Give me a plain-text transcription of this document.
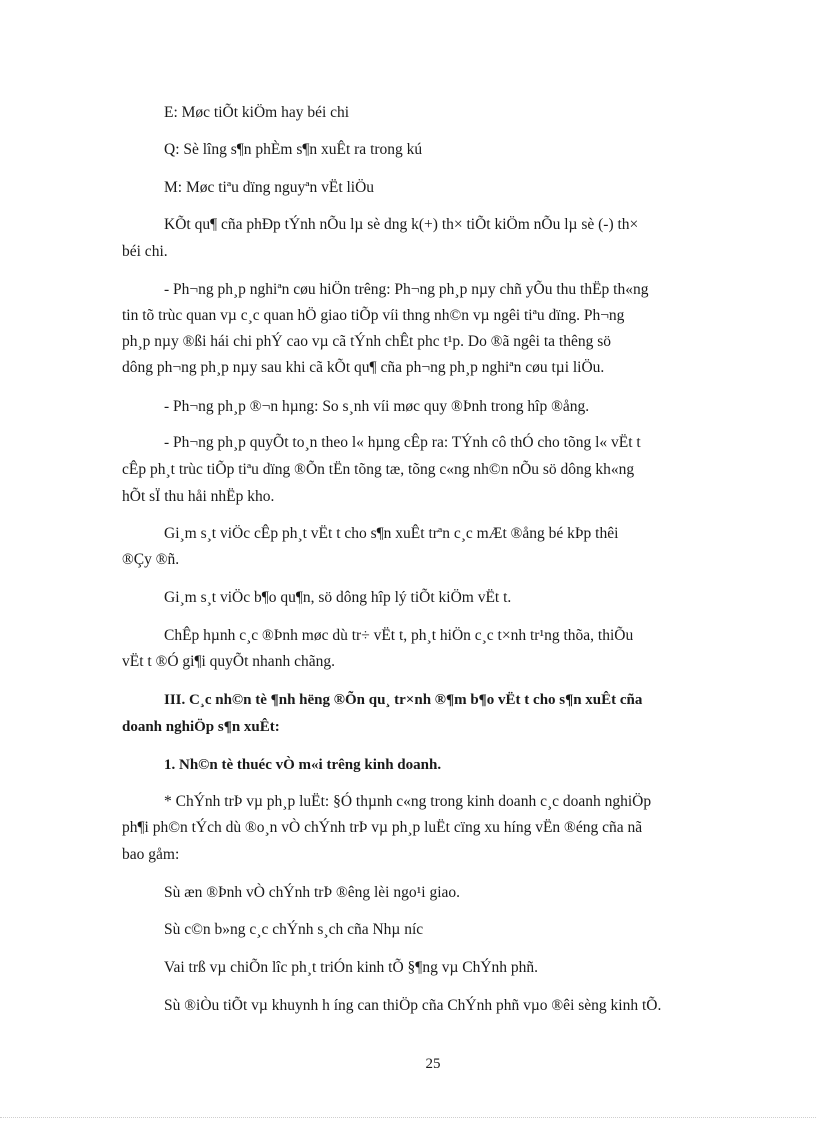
E: Møc tiÕt kiÖm hay béi chi

Q: Sè lîng s¶n phÈm s¶n xuÊt ra trong kú

M: Møc tiªu dïng nguyªn vËt liÖu

KÕt qu¶ cña phÐp tÝnh nÕu lµ sè dng k(+) th× tiÕt kiÖm nÕu lµ sè (-) th×

béi chi.

- Ph¬ng ph¸p nghiªn cøu hiÖn trêng: Ph¬ng ph¸p nµy chñ yÕu thu thËp th«ng

tin tõ trùc quan vµ c¸c quan hÖ giao tiÕp víi thng nh©n vµ ngêi tiªu dïng. Ph¬ng

ph¸p nµy ®ßi hái chi phÝ cao vµ cã tÝnh chÊt phc t¹p. Do ®ã ngêi ta thêng sö

dông ph¬ng ph¸p nµy sau khi cã kÕt qu¶ cña ph¬ng ph¸p nghiªn cøu tµi liÖu.

- Ph¬ng ph¸p ®¬n hµng: So s¸nh víi møc quy ®Þnh trong hîp ®ång.

- Ph¬ng ph¸p quyÕt to¸n theo l« hµng cÊp ra: TÝnh cô thÓ cho tõng l« vËt t

cÊp ph¸t trùc tiÕp tiªu dïng ®Õn tËn tõng tæ, tõng c«ng nh©n nÕu sö dông kh«ng

hÕt sÏ thu håi nhËp kho.

Gi¸m s¸t viÖc cÊp ph¸t vËt t cho s¶n xuÊt trªn c¸c mÆt ®ång bé kÞp thêi

®Çy ®ñ.

Gi¸m s¸t viÖc b¶o qu¶n, sö dông hîp lý tiÕt kiÖm vËt t.

ChÊp hµnh c¸c ®Þnh møc dù tr÷ vËt t, ph¸t hiÖn c¸c t×nh tr¹ng thõa, thiÕu

vËt t ®Ó gi¶i quyÕt nhanh chãng.

III. C¸c nh©n tè ¶nh hëng ®Õn qu¸ tr×nh ®¶m b¶o vËt t cho s¶n xuÊt cña

doanh nghiÖp s¶n xuÊt:

1. Nh©n tè thuéc vÒ m«i trêng kinh doanh.

* ChÝnh trÞ vµ ph¸p luËt: §Ó thµnh c«ng trong kinh doanh c¸c doanh nghiÖp

ph¶i ph©n tÝch dù ®o¸n vÒ chÝnh trÞ vµ ph¸p luËt cïng xu híng vËn ®éng cña nã

bao gåm:

Sù æn ®Þnh vÒ chÝnh trÞ ®êng lèi ngo¹i giao.

Sù c©n b»ng c¸c chÝnh s¸ch cña Nhµ níc

Vai trß vµ chiÕn lîc ph¸t triÓn kinh tÕ §¶ng vµ ChÝnh phñ.

Sù ®iÒu tiÕt vµ khuynh h íng can thiÖp cña ChÝnh phñ vµo ®êi sèng kinh tÕ.

25
